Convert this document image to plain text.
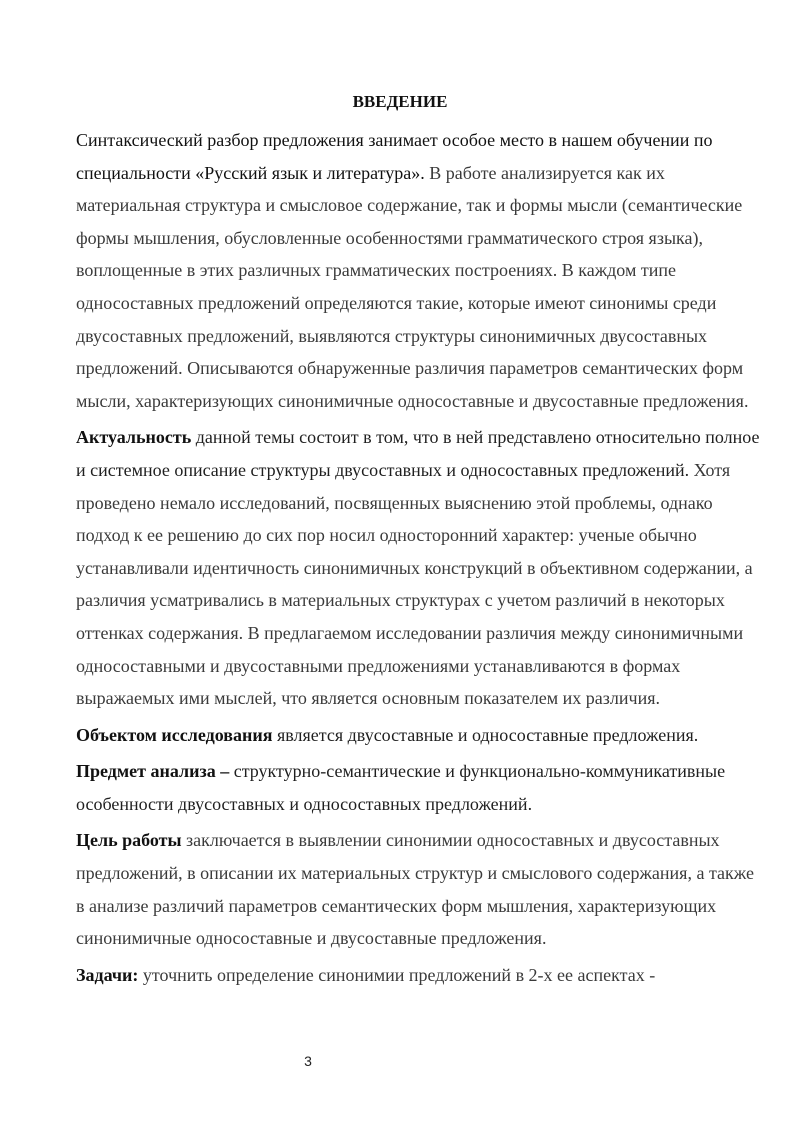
ВВЕДЕНИЕ

Синтаксический разбор предложения занимает особое место в нашем обучении по специальности «Русский язык и литература». В работе анализируется как их материальная структура и смысловое содержание, так и формы мысли (семантические формы мышления, обусловленные особенностями грамматического строя языка), воплощенные в этих различных грамматических построениях. В каждом типе односоставных предложений определяются такие, которые имеют синонимы среди двусоставных предложений, выявляются структуры синонимичных двусоставных предложений. Описываются обнаруженные различия параметров семантических форм мысли, характеризующих синонимичные односоставные и двусоставные предложения.

Актуальность данной темы состоит в том, что в ней представлено относительно полное и системное описание структуры двусоставных и односоставных предложений. Хотя проведено немало исследований, посвященных выяснению этой проблемы, однако подход к ее решению до сих пор носил односторонний характер: ученые обычно устанавливали идентичность синонимичных конструкций в объективном содержании, а различия усматривались в материальных структурах с учетом различий в некоторых оттенках содержания. В предлагаемом исследовании различия между синонимичными односоставными и двусоставными предложениями устанавливаются в формах выражаемых ими мыслей, что является основным показателем их различия.

Объектом исследования является двусоставные и односоставные предложения.

Предмет анализа – структурно-семантические и функционально-коммуникативные особенности двусоставных и односоставных предложений.

Цель работы заключается в выявлении синонимии односоставных и двусоставных предложений, в описании их материальных структур и смыслового содержания, а также в анализе различий параметров семантических форм мышления, характеризующих синонимичные односоставные и двусоставные предложения.

Задачи: уточнить определение синонимии предложений в 2-х ее аспектах -

3
